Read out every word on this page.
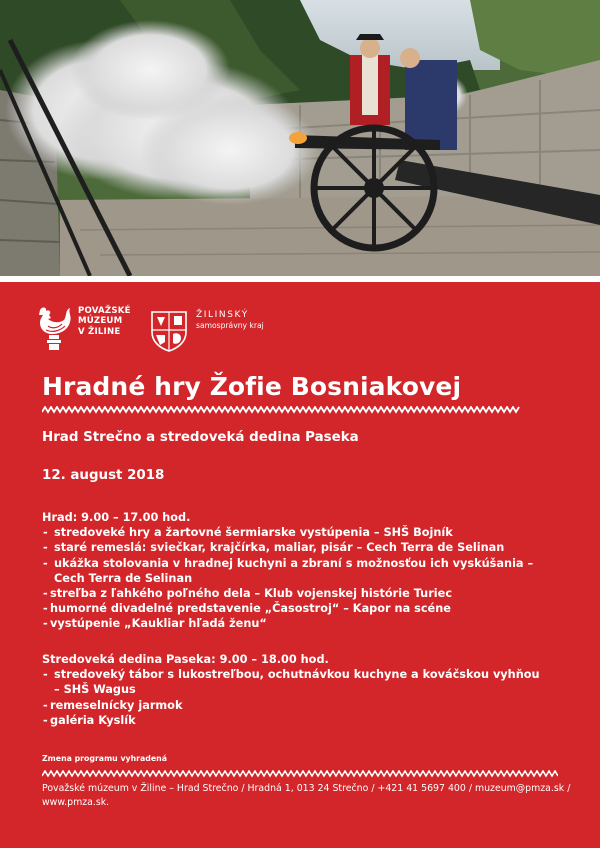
POVAŽSKÉ
MÚZEUM
V ŽILINE
ŽILINSKÝ
samosprávny kraj
Hradné hry Žofie Bosniakovej
Hrad Strečno a stredoveká dedina Paseka
12. august 2018
Hrad: 9.00 – 17.00 hod.
- stredoveké hry a žartovné šermiarske vystúpenia – SHŠ Bojník
- staré remeslá: sviečkar, krajčírka, maliar, pisár – Cech Terra de Selinan
- ukážka stolovania v hradnej kuchyni a zbraní s možnosťou ich vyskúšania –
Cech Terra de Selinan
- streľba z ľahkého poľného dela – Klub vojenskej histórie Turiec
- humorné divadelné predstavenie „Časostroj“ – Kapor na scéne
- vystúpenie „Kaukliar hľadá ženu“
Stredoveká dedina Paseka: 9.00 – 18.00 hod.
- stredoveký tábor s lukostreľbou, ochutnávkou kuchyne a kováčskou vyhňou
– SHŠ Wagus
- remeselnícky jarmok
- galéria Kyslík
Zmena programu vyhradená
Považské múzeum v Žiline – Hrad Strečno / Hradná 1, 013 24 Strečno / +421 41 5697 400 / muzeum@pmza.sk /
www.pmza.sk.
